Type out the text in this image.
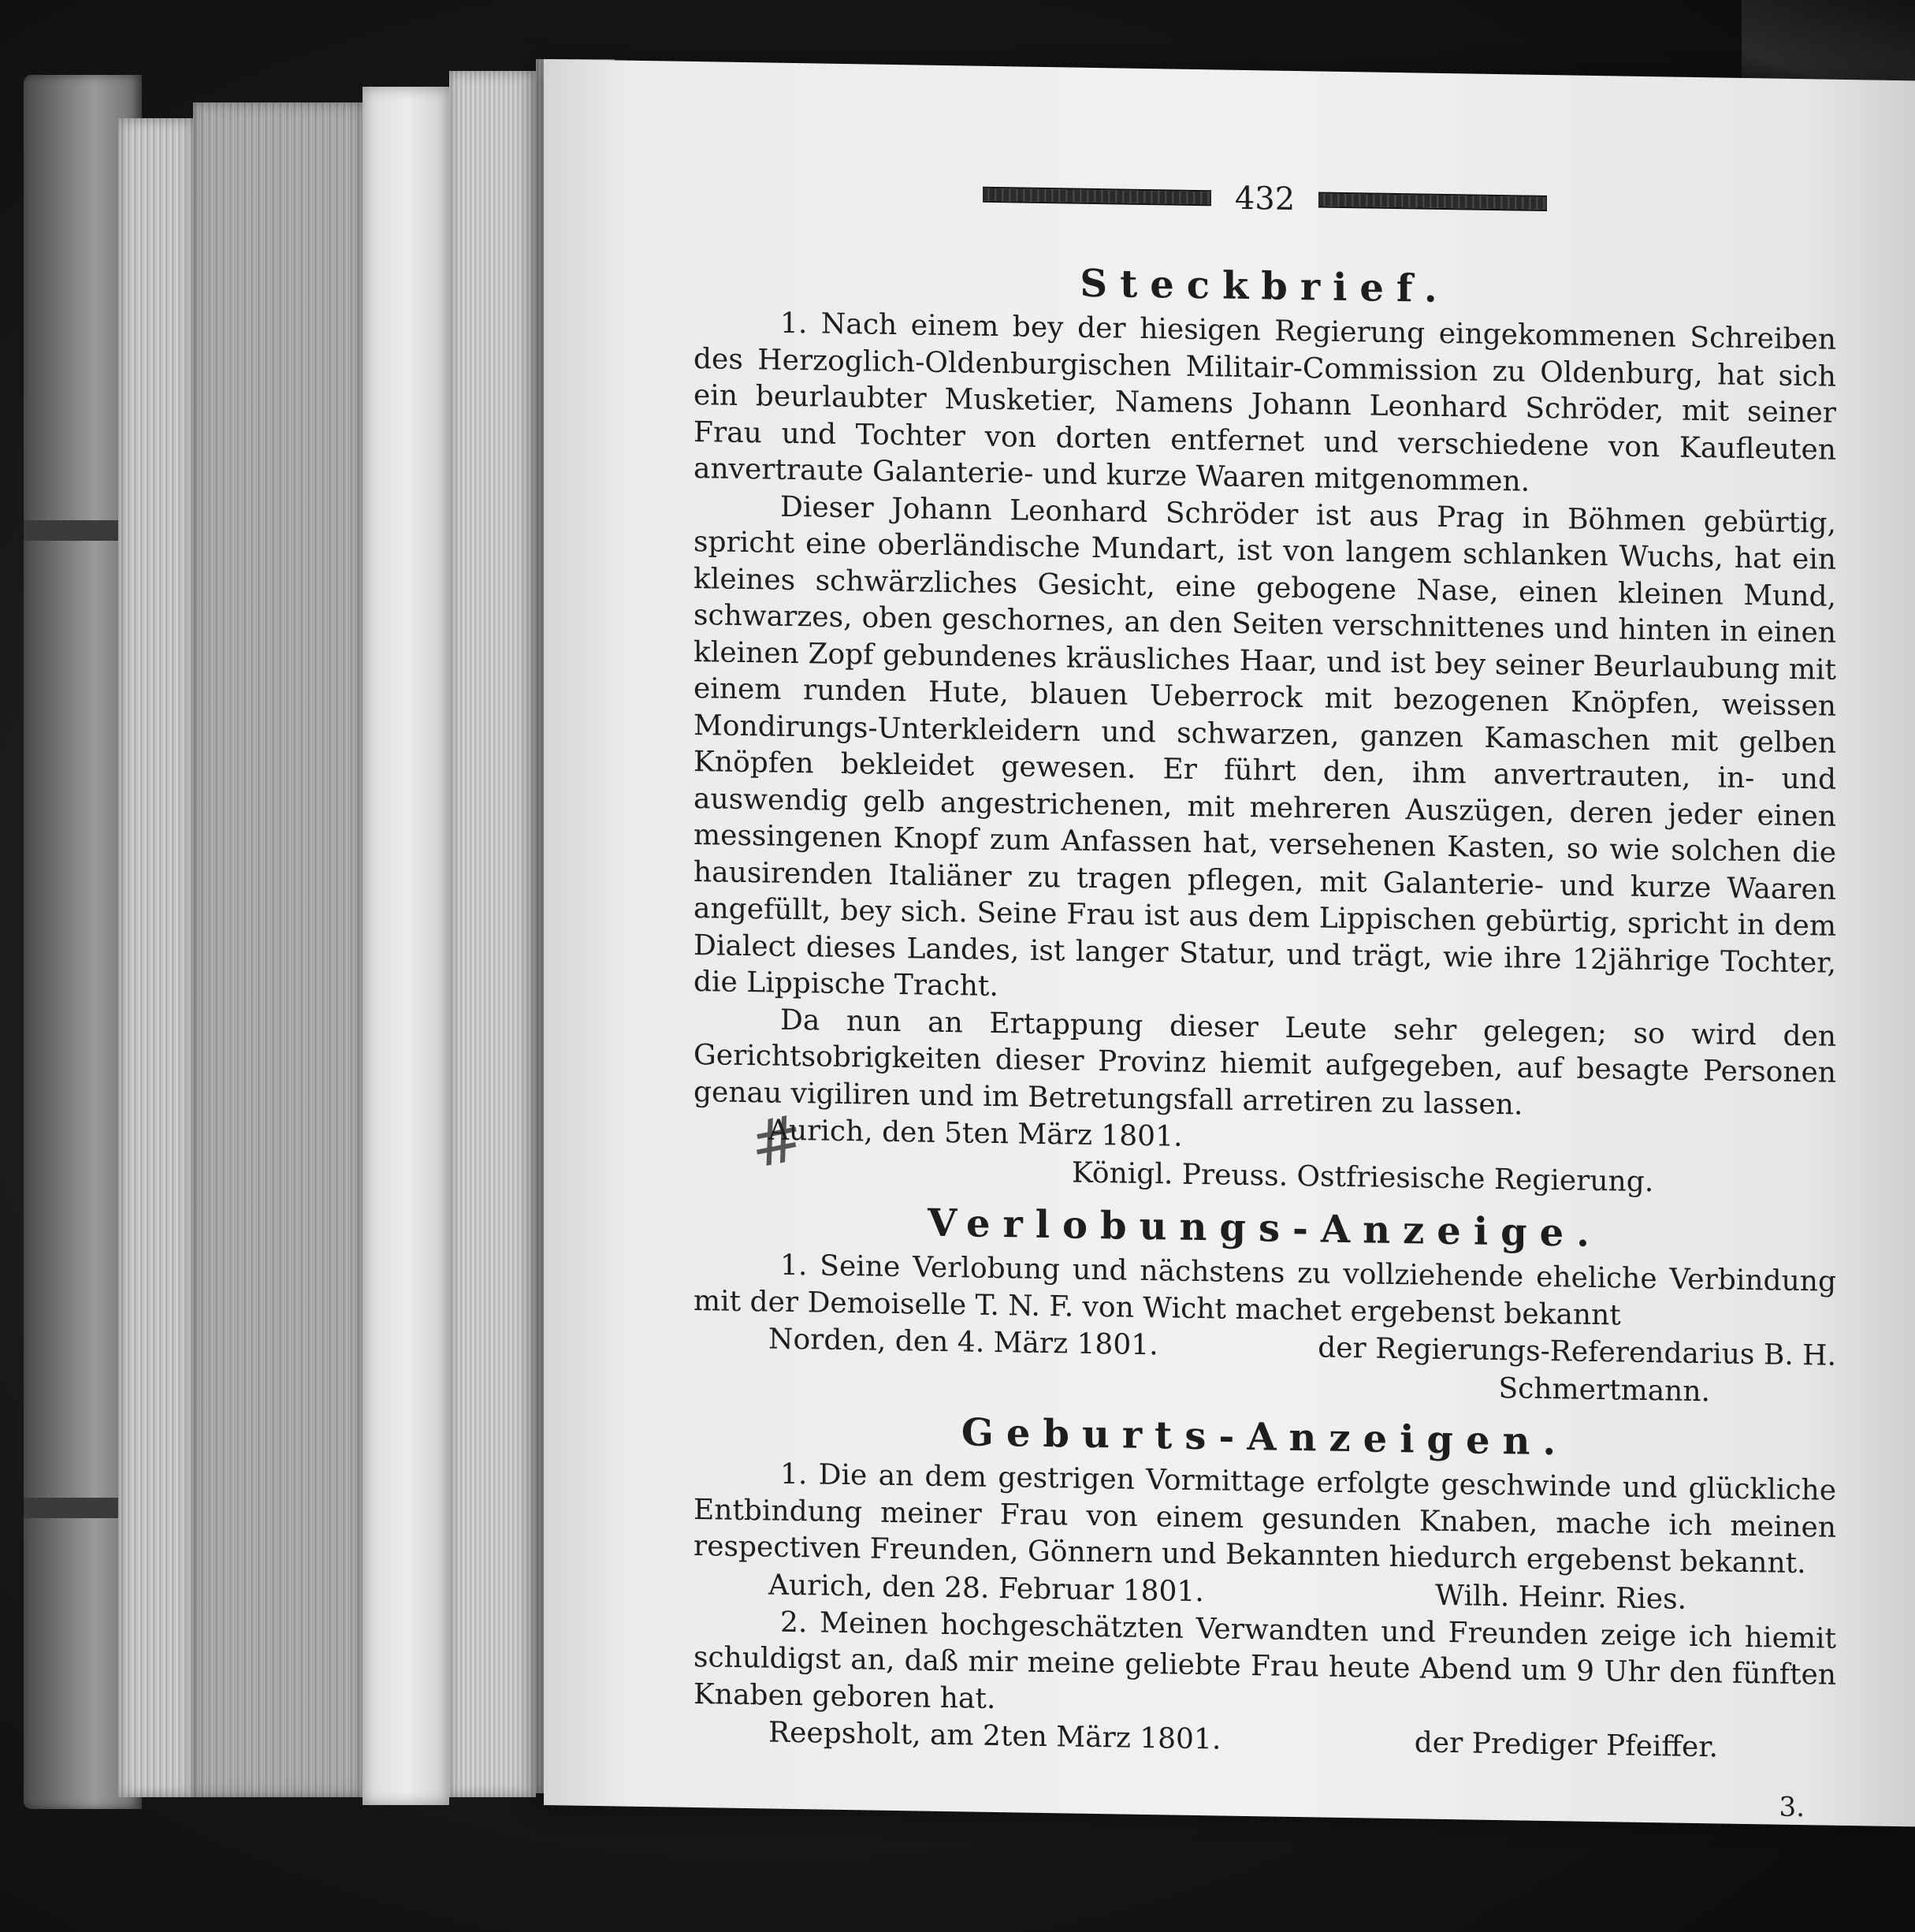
#
432
Steckbrief.

1. Nach einem bey der hiesigen Regierung eingekommenen Schreiben des Herzoglich-Oldenburgischen Militair-Commission zu Oldenburg, hat sich ein beurlaubter Musketier, Namens Johann Leonhard Schröder, mit seiner Frau und Tochter von dorten entfernet und verschiedene von Kaufleuten anvertraute Galanterie- und kurze Waaren mitgenommen.

Dieser Johann Leonhard Schröder ist aus Prag in Böhmen gebürtig, spricht eine oberländische Mundart, ist von langem schlanken Wuchs, hat ein kleines schwärzliches Gesicht, eine gebogene Nase, einen kleinen Mund, schwarzes, oben geschornes, an den Seiten verschnittenes und hinten in einen kleinen Zopf gebundenes kräusliches Haar, und ist bey seiner Beurlaubung mit einem runden Hute, blauen Ueberrock mit bezogenen Knöpfen, weissen Mondirungs-Unterkleidern und schwarzen, ganzen Kamaschen mit gelben Knöpfen bekleidet gewesen. Er führt den, ihm anvertrauten, in- und auswendig gelb angestrichenen, mit mehreren Auszügen, deren jeder einen messingenen Knopf zum Anfassen hat, versehenen Kasten, so wie solchen die hausirenden Italiäner zu tragen pflegen, mit Galanterie- und kurze Waaren angefüllt, bey sich. Seine Frau ist aus dem Lippischen gebürtig, spricht in dem Dialect dieses Landes, ist langer Statur, und trägt, wie ihre 12jährige Tochter, die Lippische Tracht.

Da nun an Ertappung dieser Leute sehr gelegen; so wird den Gerichtsobrigkeiten dieser Provinz hiemit aufgegeben, auf besagte Personen genau vigiliren und im Betretungsfall arretiren zu lassen.

Aurich, den 5ten März 1801.
Königl. Preuss. Ostfriesische Regierung.
Verlobungs-Anzeige.

1. Seine Verlobung und nächstens zu vollziehende eheliche Verbindung mit der Demoiselle T. N. F. von Wicht machet ergebenst bekannt

Norden, den 4. März 1801.	der Regierungs-Referendarius B. H.
Schmertmann.
Geburts-Anzeigen.

1. Die an dem gestrigen Vormittage erfolgte geschwinde und glückliche Entbindung meiner Frau von einem gesunden Knaben, mache ich meinen respectiven Freunden, Gönnern und Bekannten hiedurch ergebenst bekannt.

Aurich, den 28. Februar 1801.	Wilh. Heinr. Ries.

2. Meinen hochgeschätzten Verwandten und Freunden zeige ich hiemit schuldigst an, daß mir meine geliebte Frau heute Abend um 9 Uhr den fünften Knaben geboren hat.

Reepsholt, am 2ten März 1801.	der Prediger Pfeiffer.
3.
